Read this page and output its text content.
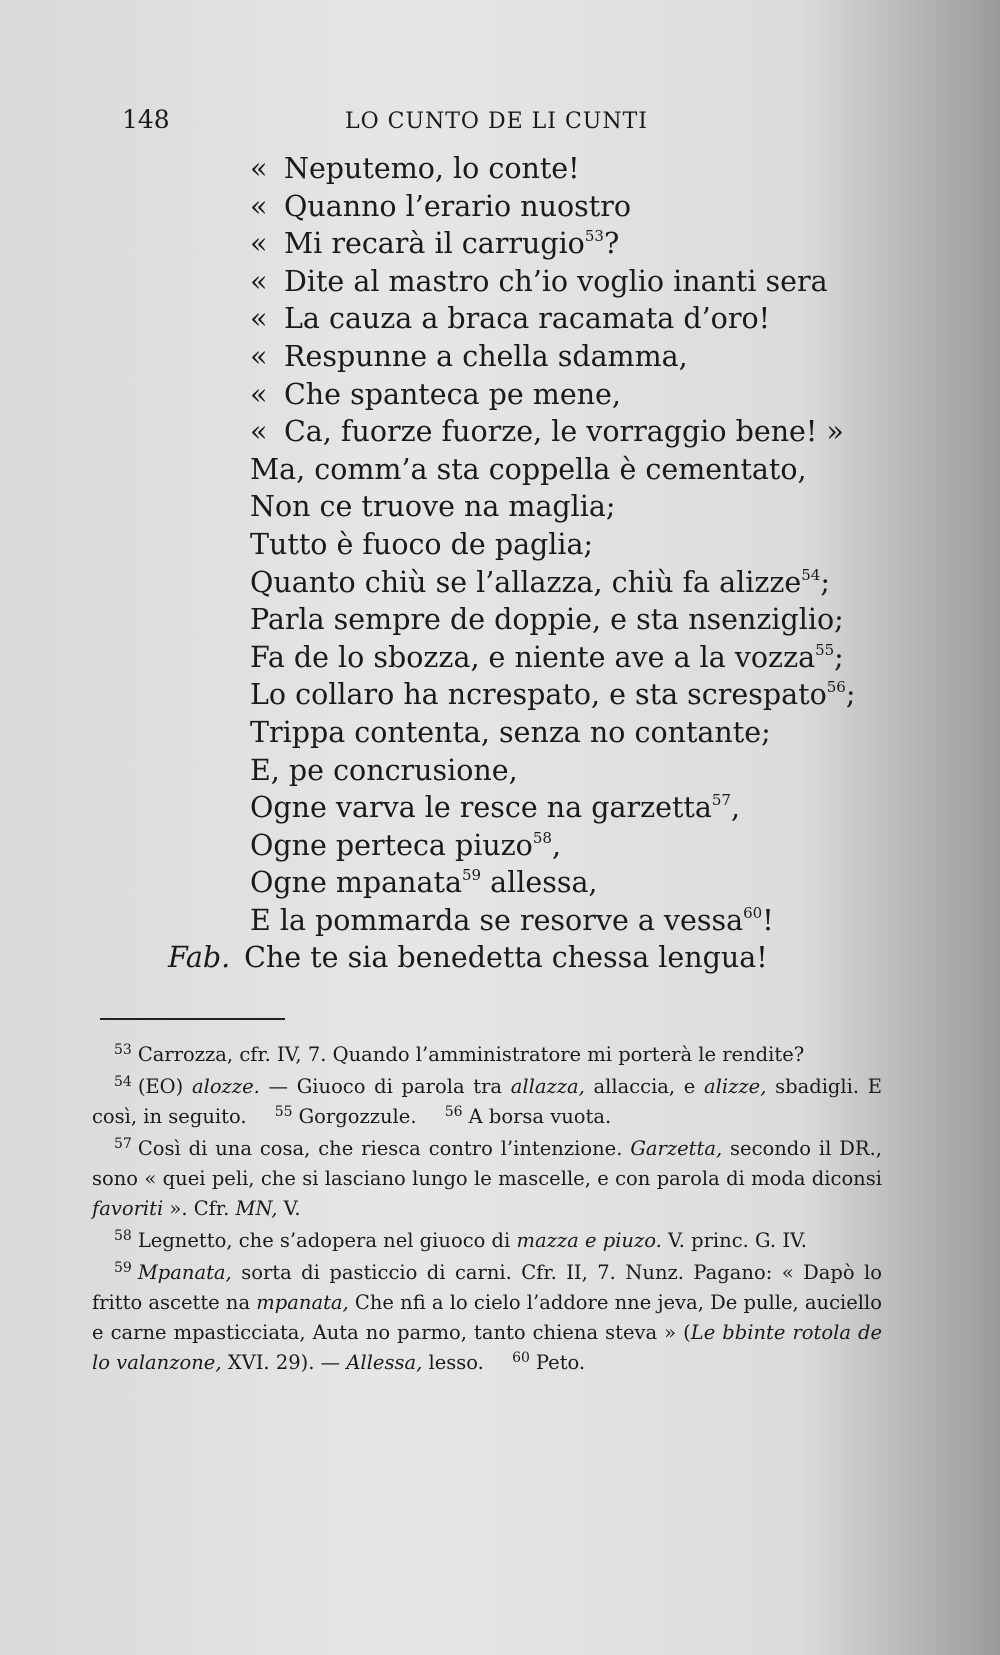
148	LO CUNTO DE LI CUNTI
« Neputemo, lo conte!
« Quanno l’erario nuostro
« Mi recarà il carrugio$^{53}$?
« Dite al mastro ch’io voglio inanti sera
« La cauza a braca racamata d’oro!
« Respunne a chella sdamma,
« Che spanteca pe mene,
« Ca, fuorze fuorze, le vorraggio bene! »
Ma, comm’a sta coppella è cementato,
Non ce truove na maglia;
Tutto è fuoco de paglia;
Quanto chiù se l’allazza, chiù fa alizze$^{54}$;
Parla sempre de doppie, e sta nsenziglio;
Fa de lo sbozza, e niente ave a la vozza$^{55}$;
Lo collaro ha ncrespato, e sta screspato$^{56}$;
Trippa contenta, senza no contante;
E, pe concrusione,
Ogne varva le resce na garzetta$^{57}$,
Ogne perteca piuzo$^{58}$,
Ogne mpanata$^{59}$ allessa,
E la pommarda se resorve a vessa$^{60}$!
Fab. Che te sia benedetta chessa lengua!
$^{53}$ Carrozza, cfr. IV, 7. Quando l’amministratore mi porterà le rendite?
$^{54}$ (EO) alozze. — Giuoco di parola tra allazza, allaccia, e alizze, sbadigli. E così, in seguito. $^{55}$ Gorgozzule. $^{56}$ A borsa vuota.
$^{57}$ Così di una cosa, che riesca contro l’intenzione. Garzetta, secondo il DR., sono « quei peli, che si lasciano lungo le mascelle, e con parola di moda diconsi favoriti ». Cfr. MN, V.
$^{58}$ Legnetto, che s’adopera nel giuoco di mazza e piuzo. V. princ. G. IV.
$^{59}$ Mpanata, sorta di pasticcio di carni. Cfr. II, 7. Nunz. Pagano: « Dapò lo fritto ascette na mpanata, Che nfi a lo cielo l’addore nne jeva, De pulle, auciello e carne mpasticciata, Auta no parmo, tanto chiena steva » (Le bbinte rotola de lo valanzone, XVI. 29). — Allessa, lesso. $^{60}$ Peto.
